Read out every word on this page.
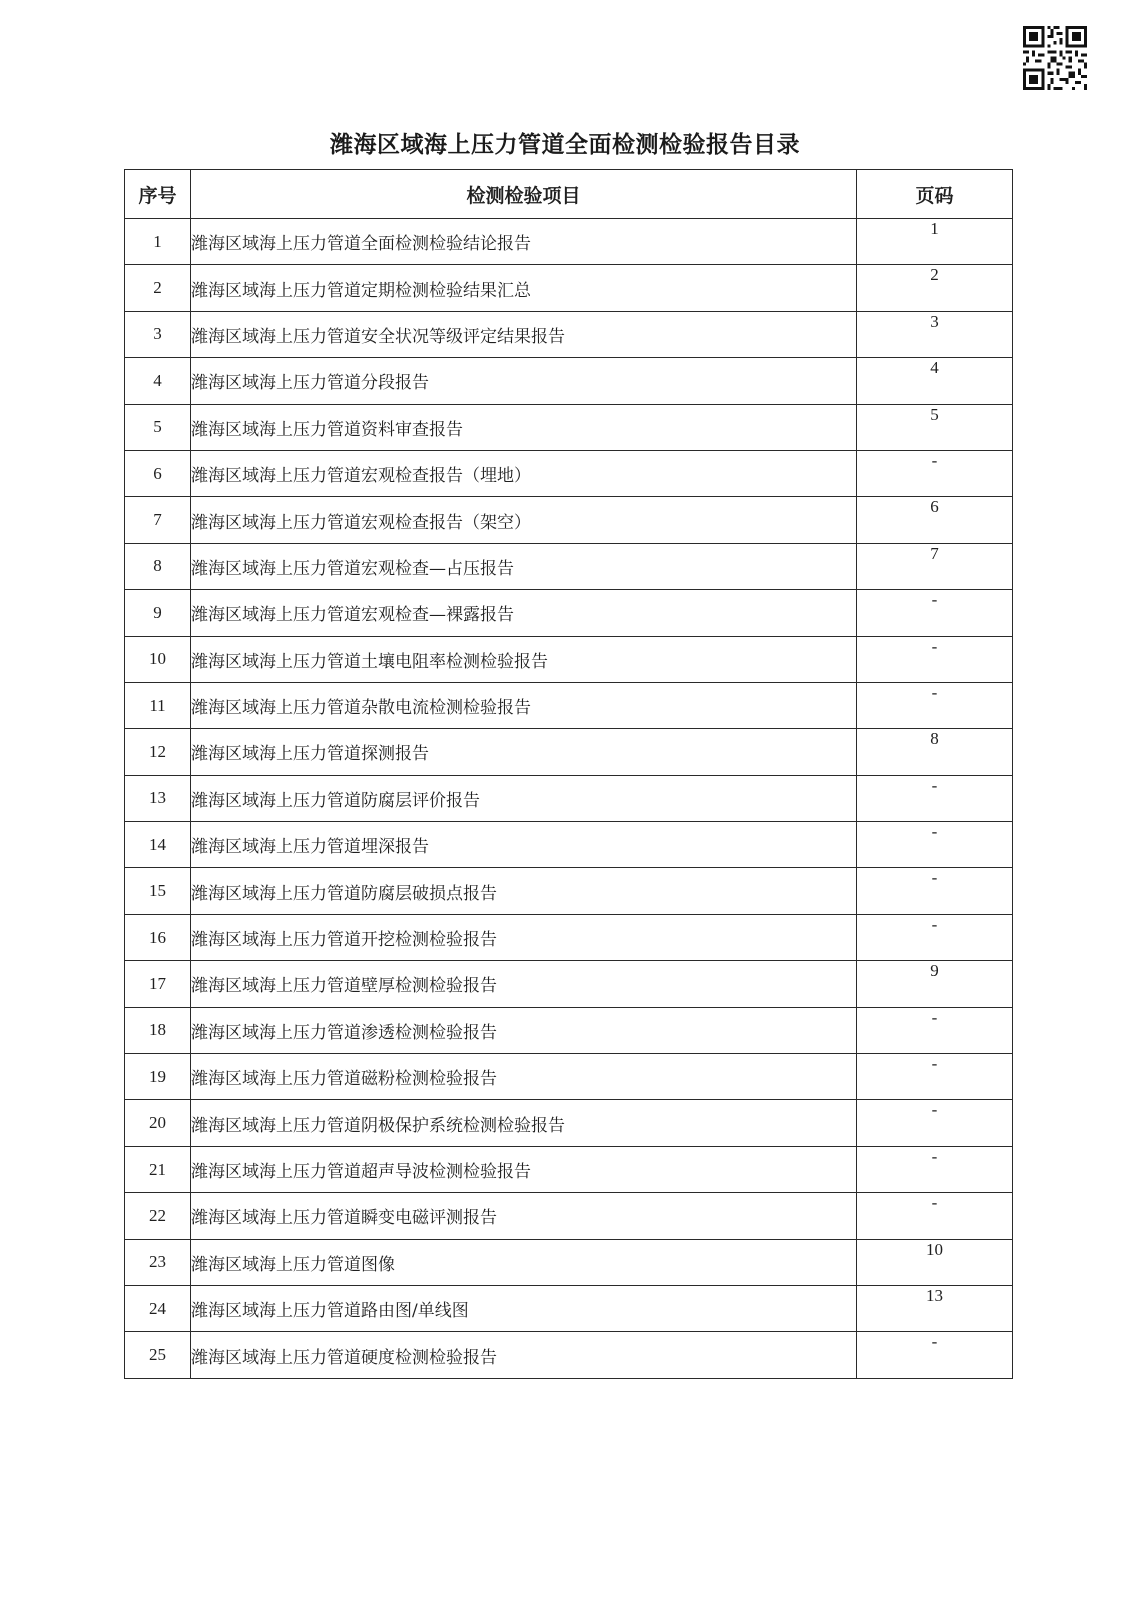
潍海区域海上压力管道全面检测检验报告目录
序号	检测检验项目	页码
1	潍海区域海上压力管道全面检测检验结论报告	1
2	潍海区域海上压力管道定期检测检验结果汇总	2
3	潍海区域海上压力管道安全状况等级评定结果报告	3
4	潍海区域海上压力管道分段报告	4
5	潍海区域海上压力管道资料审查报告	5
6	潍海区域海上压力管道宏观检查报告（埋地）	-
7	潍海区域海上压力管道宏观检查报告（架空）	6
8	潍海区域海上压力管道宏观检查—占压报告	7
9	潍海区域海上压力管道宏观检查—裸露报告	-
10	潍海区域海上压力管道土壤电阻率检测检验报告	-
11	潍海区域海上压力管道杂散电流检测检验报告	-
12	潍海区域海上压力管道探测报告	8
13	潍海区域海上压力管道防腐层评价报告	-
14	潍海区域海上压力管道埋深报告	-
15	潍海区域海上压力管道防腐层破损点报告	-
16	潍海区域海上压力管道开挖检测检验报告	-
17	潍海区域海上压力管道壁厚检测检验报告	9
18	潍海区域海上压力管道渗透检测检验报告	-
19	潍海区域海上压力管道磁粉检测检验报告	-
20	潍海区域海上压力管道阴极保护系统检测检验报告	-
21	潍海区域海上压力管道超声导波检测检验报告	-
22	潍海区域海上压力管道瞬变电磁评测报告	-
23	潍海区域海上压力管道图像	10
24	潍海区域海上压力管道路由图/单线图	13
25	潍海区域海上压力管道硬度检测检验报告	-
